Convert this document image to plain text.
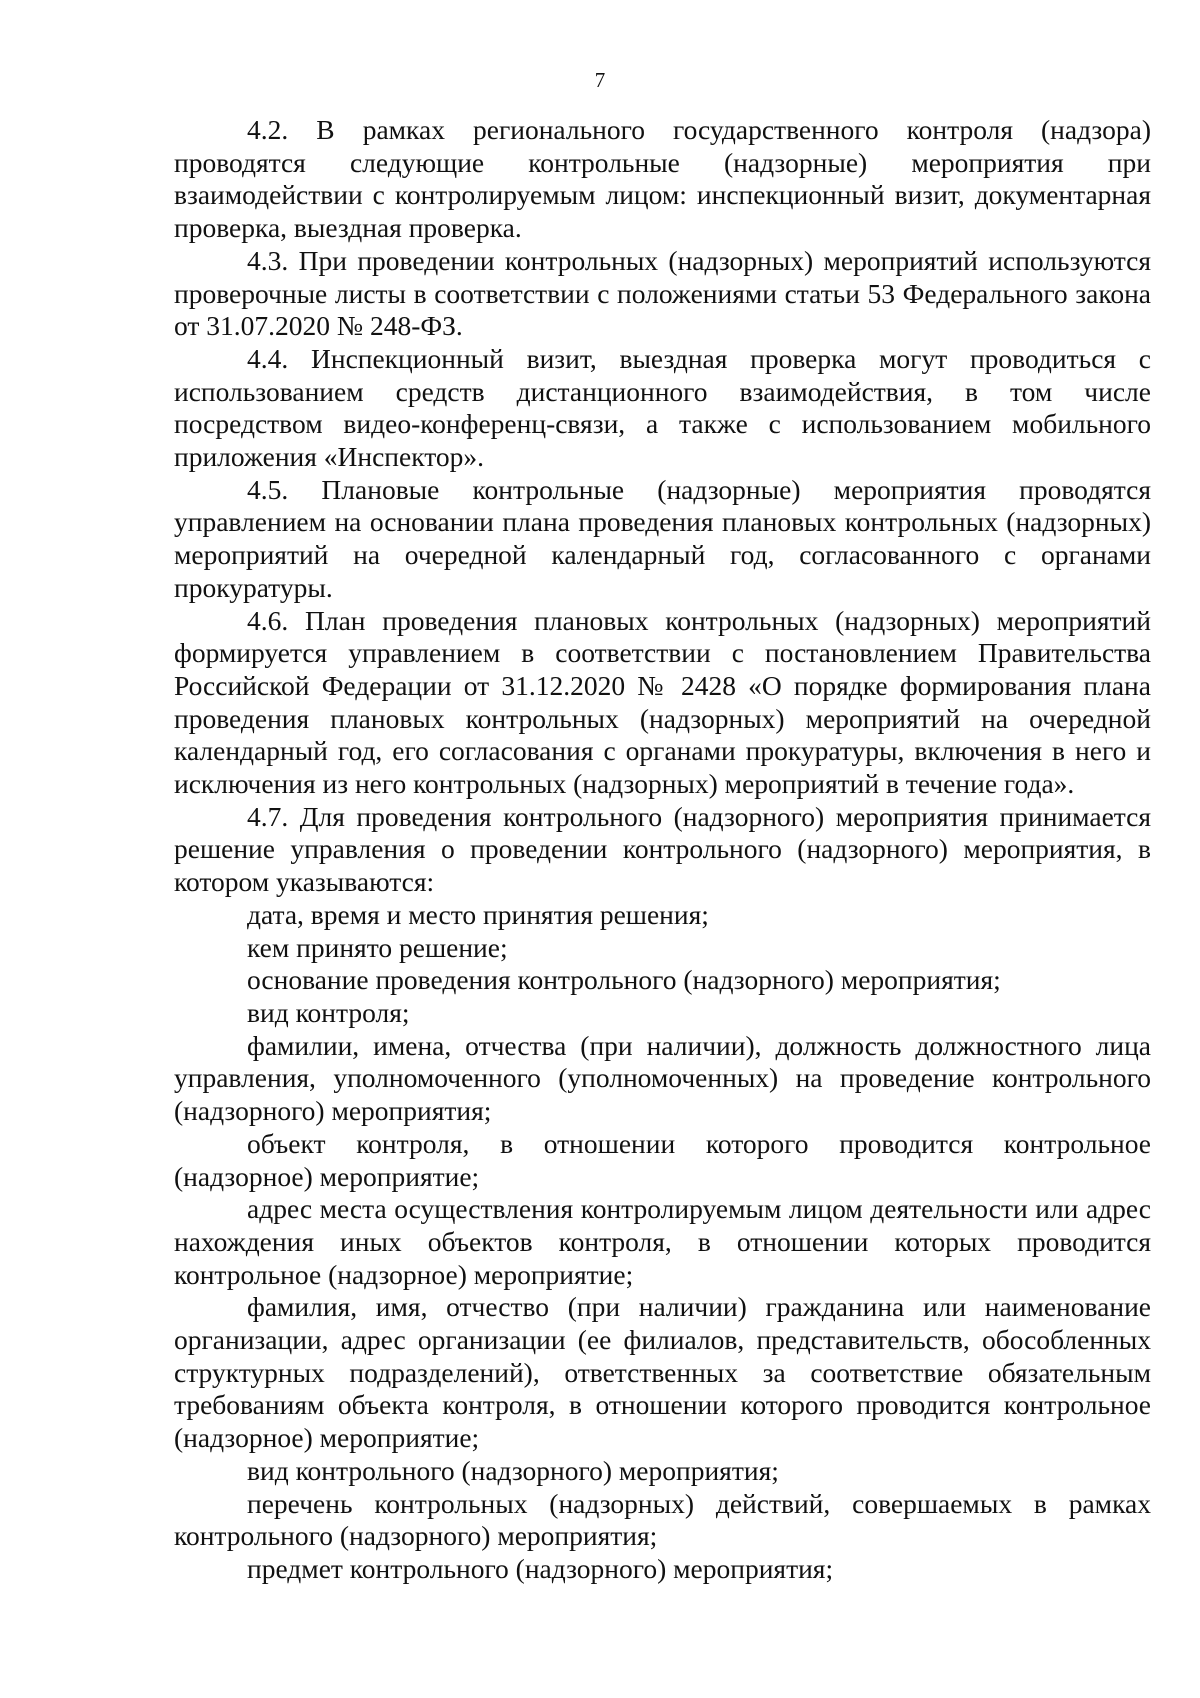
7

4.2. В рамках регионального государственного контроля (надзора) проводятся следующие контрольные (надзорные) мероприятия при взаимодействии с контролируемым лицом: инспекционный визит, документарная проверка, выездная проверка.

4.3. При проведении контрольных (надзорных) мероприятий используются проверочные листы в соответствии с положениями статьи 53 Федерального закона от 31.07.2020 № 248-ФЗ.

4.4. Инспекционный визит, выездная проверка могут проводиться с использованием средств дистанционного взаимодействия, в том числе посредством видео-конференц-связи, а также с использованием мобильного приложения «Инспектор».

4.5. Плановые контрольные (надзорные) мероприятия проводятся управлением на основании плана проведения плановых контрольных (надзорных) мероприятий на очередной календарный год, согласованного с органами прокуратуры.

4.6. План проведения плановых контрольных (надзорных) мероприятий формируется управлением в соответствии с постановлением Правительства Российской Федерации от 31.12.2020 № 2428 «О порядке формирования плана проведения плановых контрольных (надзорных) мероприятий на очередной календарный год, его согласования с органами прокуратуры, включения в него и исключения из него контрольных (надзорных) мероприятий в течение года».

4.7. Для проведения контрольного (надзорного) мероприятия принимается решение управления о проведении контрольного (надзорного) мероприятия, в котором указываются:

дата, время и место принятия решения;

кем принято решение;

основание проведения контрольного (надзорного) мероприятия;

вид контроля;

фамилии, имена, отчества (при наличии), должность должностного лица управления, уполномоченного (уполномоченных) на проведение контрольного (надзорного) мероприятия;

объект контроля, в отношении которого проводится контрольное (надзорное) мероприятие;

адрес места осуществления контролируемым лицом деятельности или адрес нахождения иных объектов контроля, в отношении которых проводится контрольное (надзорное) мероприятие;

фамилия, имя, отчество (при наличии) гражданина или наименование организации, адрес организации (ее филиалов, представительств, обособленных структурных подразделений), ответственных за соответствие обязательным требованиям объекта контроля, в отношении которого проводится контрольное (надзорное) мероприятие;

вид контрольного (надзорного) мероприятия;

перечень контрольных (надзорных) действий, совершаемых в рамках контрольного (надзорного) мероприятия;

предмет контрольного (надзорного) мероприятия;
